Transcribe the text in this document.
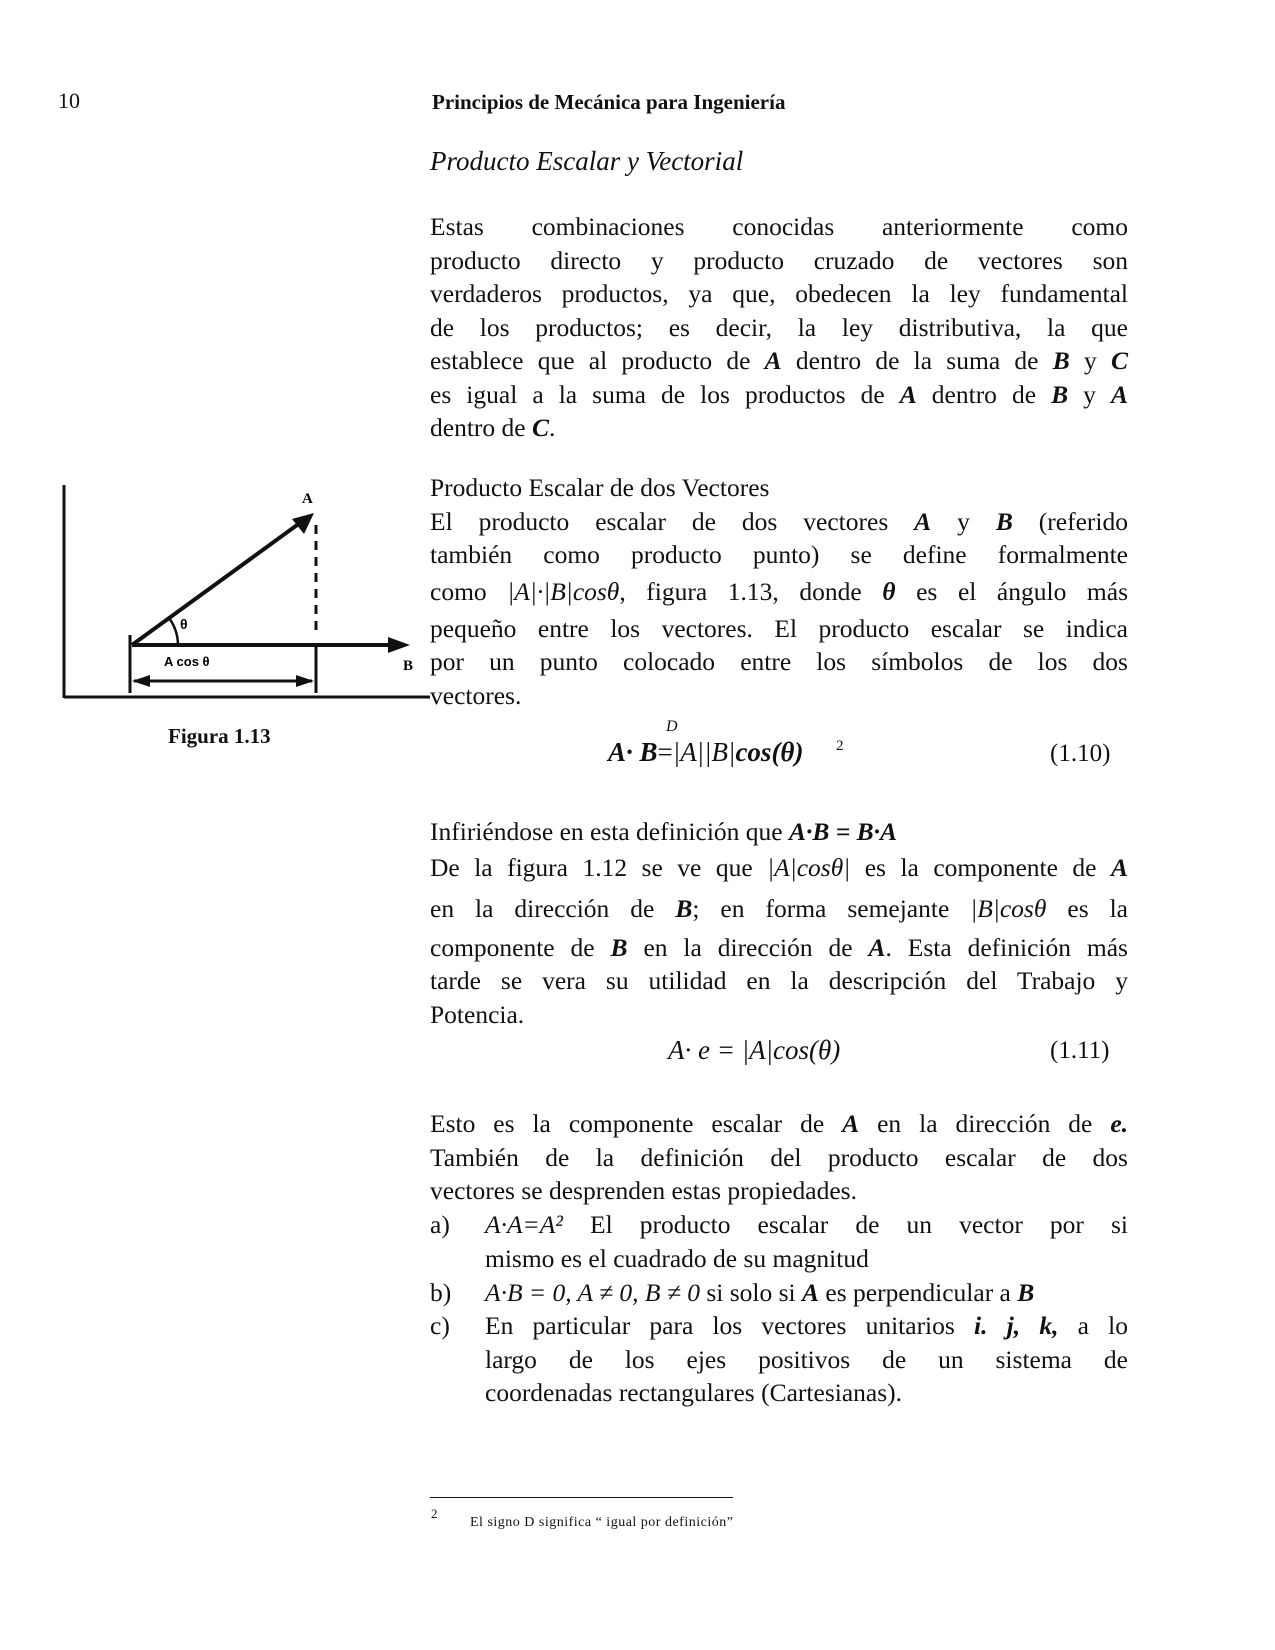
10	Principios de Mecánica para Ingeniería
Producto Escalar y Vectorial
Estas combinaciones conocidas anteriormente como
producto directo y producto cruzado de vectores son
verdaderos productos, ya que, obedecen la ley fundamental
de los productos; es decir, la ley distributiva, la que
establece que al producto de A dentro de la suma de B y C
es igual a la suma de los productos de A dentro de B y A
dentro de C.
Producto Escalar de dos Vectores
El producto escalar de dos vectores A y B (referido
también como producto punto) se define formalmente
como |A|·|B|cosθ, figura 1.13, donde θ es el ángulo más
pequeño entre los vectores. El producto escalar se indica
por un punto colocado entre los símbolos de los dos
vectores.
D
A· B=|A||B|cos(θ) 2	(1.10)
Infiriéndose en esta definición que A·B = B·A
De la figura 1.12 se ve que |A|cosθ| es la componente de A
en la dirección de B; en forma semejante |B|cosθ es la
componente de B en la dirección de A. Esta definición más
tarde se vera su utilidad en la descripción del Trabajo y
Potencia.
A· e = |A|cos(θ)	(1.11)
Esto es la componente escalar de A en la dirección de e.
También de la definición del producto escalar de dos
vectores se desprenden estas propiedades.
a) A·A=A² El producto escalar de un vector por si
mismo es el cuadrado de su magnitud
b) A·B = 0, A ≠ 0, B ≠ 0 si solo si A es perpendicular a B
c) En particular para los vectores unitarios i. j, k, a lo
largo de los ejes positivos de un sistema de
coordenadas rectangulares (Cartesianas).
A
B
θ
A cos θ
Figura 1.13
2
El signo D significa “ igual por definición”
